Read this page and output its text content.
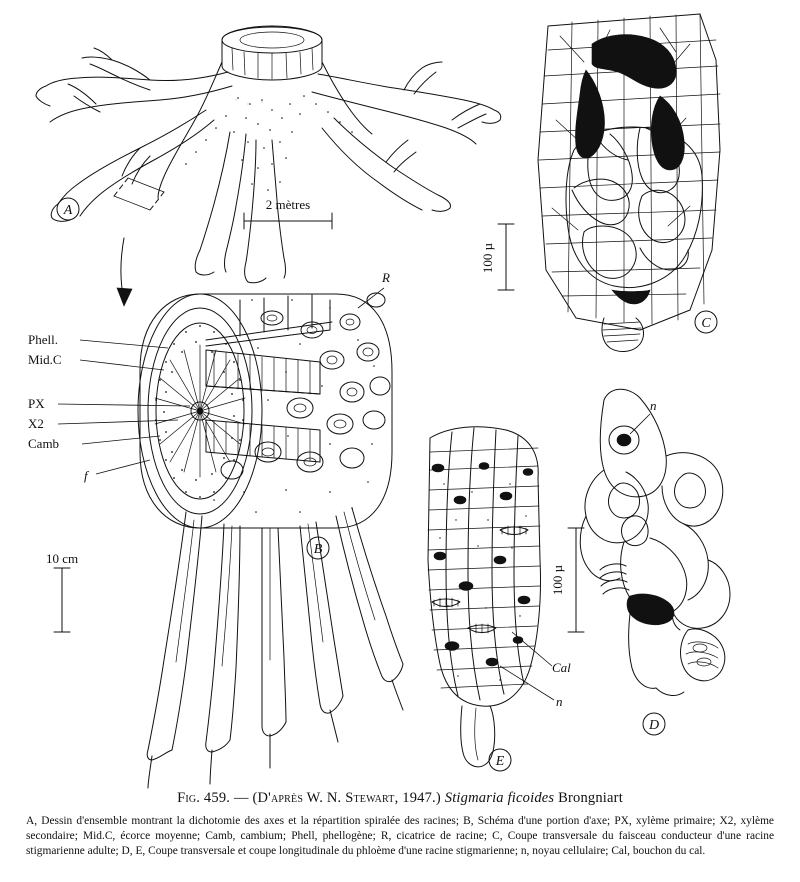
A	2 mètres
Phell.
Mid.C
PX
X2
Camb
f
R
B
10 cm
100 µ
C
100 µ
Cal
n
E
n
D

Fig. 459. — (D'après W. N. Stewart, 1947.) Stigmaria ficoides Brongniart

A, Dessin d'ensemble montrant la dichotomie des axes et la répartition spiralée des racines; B, Schéma d'une portion d'axe; PX, xylème primaire; X2, xylème secondaire; Mid.C, écorce moyenne; Camb, cambium; Phell, phellogène; R, cicatrice de racine; C, Coupe transversale du faisceau conducteur d'une racine stigmarienne adulte; D, E, Coupe transversale et coupe longitudinale du phloème d'une racine stigmarienne; n, noyau cellulaire; Cal, bouchon du cal.
